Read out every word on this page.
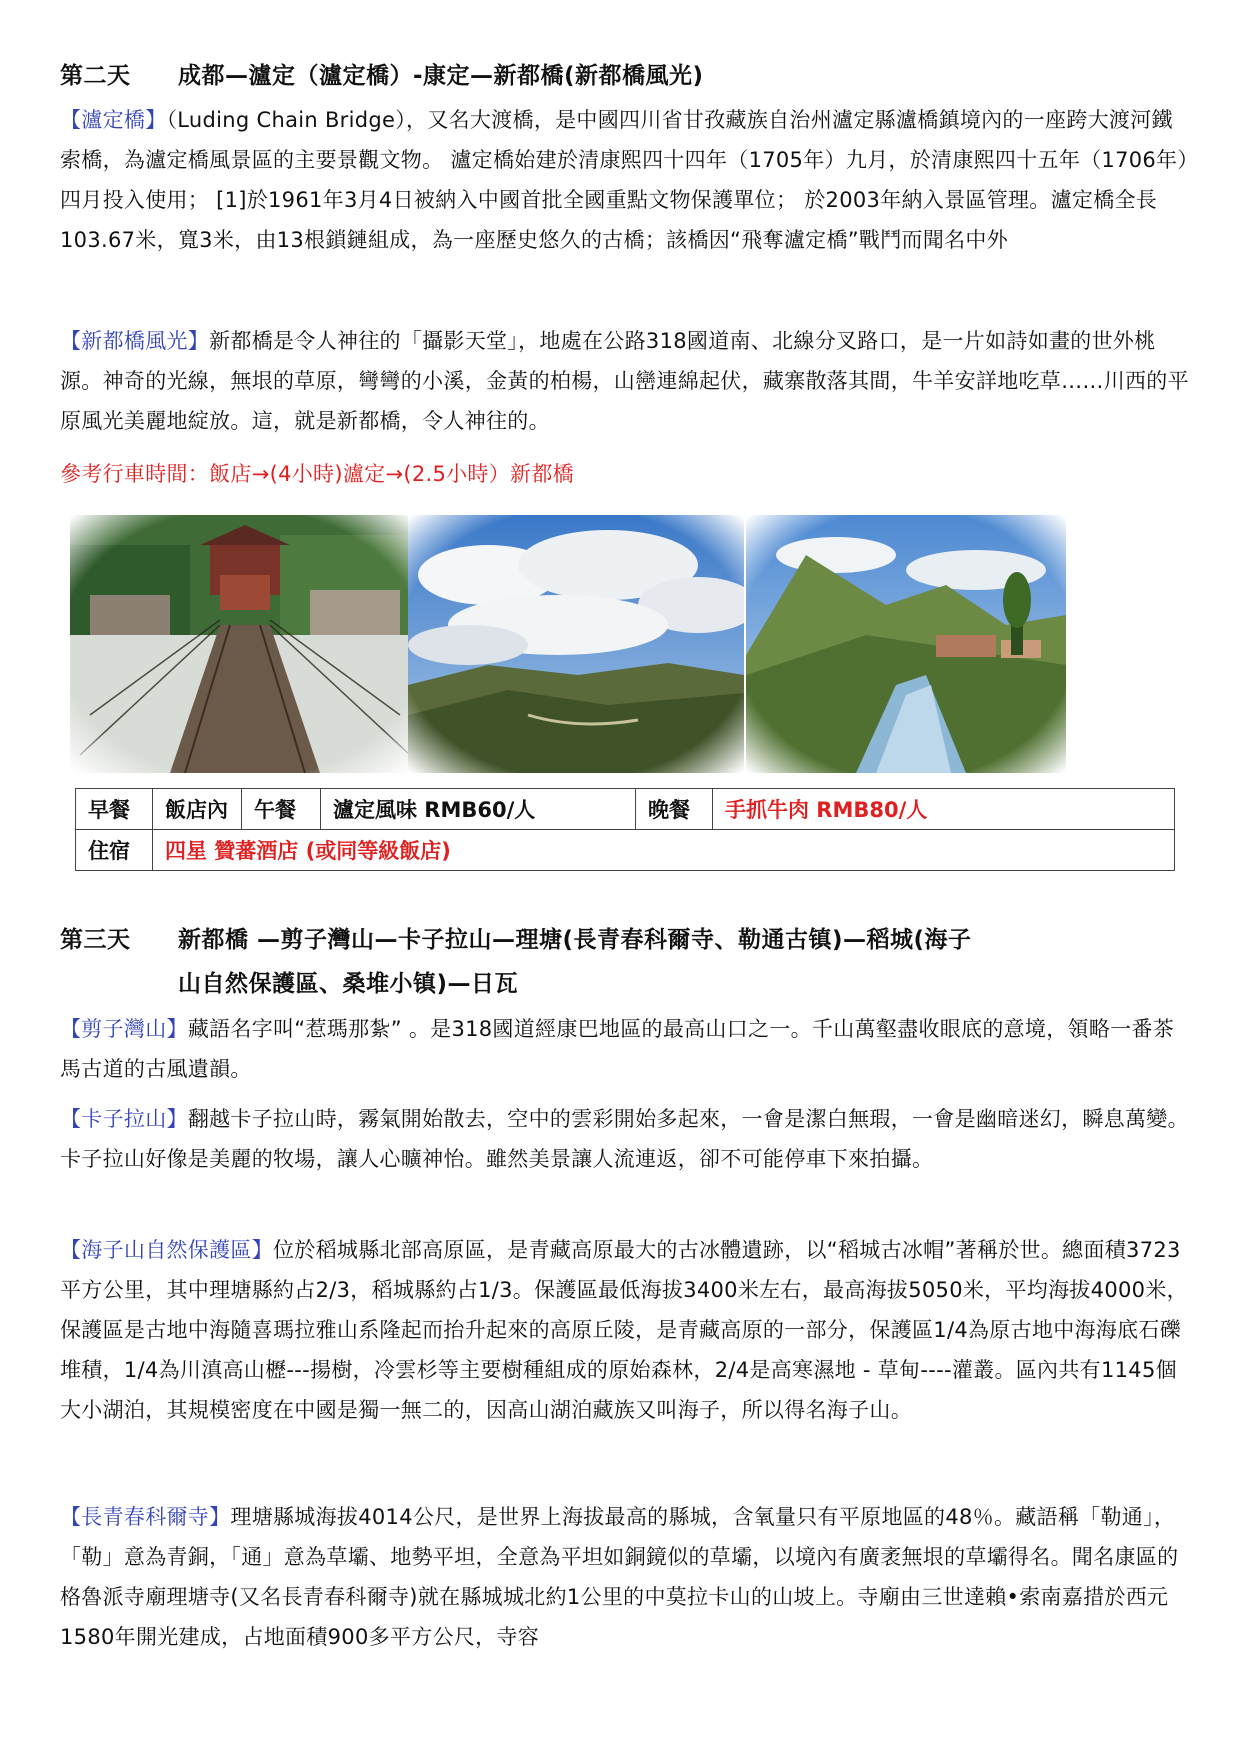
第二天 成都—瀘定（瀘定橋）-康定—新都橋(新都橋風光)
【瀘定橋】（Luding Chain Bridge），又名大渡橋，是中國四川省甘孜藏族自治州瀘定縣瀘橋鎮境內的一座跨大渡河鐵索橋，為瀘定橋風景區的主要景觀文物。 瀘定橋始建於清康熙四十四年（1705年）九月，於清康熙四十五年（1706年）四月投入使用； [1]於1961年3月4日被納入中國首批全國重點文物保護單位； 於2003年納入景區管理。瀘定橋全長103.67米，寬3米，由13根鎖鏈組成，為一座歷史悠久的古橋；該橋因“飛奪瀘定橋”戰鬥而聞名中外
【新都橋風光】新都橋是令人神往的「攝影天堂」，地處在公路318國道南、北線分叉路口，是一片如詩如畫的世外桃源。神奇的光線，無垠的草原，彎彎的小溪，金黃的柏楊，山巒連綿起伏，藏寨散落其間，牛羊安詳地吃草……川西的平原風光美麗地綻放。這，就是新都橋，令人神往的。
參考行車時間：飯店→(4小時)瀘定→(2.5小時）新都橋
早餐	飯店內	午餐	瀘定風味 RMB60/人	晚餐	手抓牛肉 RMB80/人
住宿	四星 贊蕃酒店 (或同等級飯店)				
第三天 新都橋 —剪子灣山—卡子拉山—理塘(長青春科爾寺、勒通古镇)—稻城(海子
山自然保護區、桑堆小镇)—日瓦
【剪子灣山】藏語名字叫“惹瑪那紮” 。是318國道經康巴地區的最高山口之一。千山萬壑盡收眼底的意境，領略一番茶馬古道的古風遺韻。
【卡子拉山】翻越卡子拉山時，霧氣開始散去，空中的雲彩開始多起來，一會是潔白無瑕，一會是幽暗迷幻，瞬息萬變。卡子拉山好像是美麗的牧場，讓人心曠神怡。雖然美景讓人流連返，卻不可能停車下來拍攝。
【海子山自然保護區】位於稻城縣北部高原區，是青藏高原最大的古冰體遺跡，以“稻城古冰帽”著稱於世。總面積3723平方公里，其中理塘縣約占2/3，稻城縣約占1/3。保護區最低海拔3400米左右，最高海拔5050米，平均海拔4000米，保護區是古地中海隨喜瑪拉雅山系隆起而抬升起來的高原丘陵，是青藏高原的一部分，保護區1/4為原古地中海海底石礫堆積，1/4為川滇高山櫪---揚樹，冷雲杉等主要樹種組成的原始森林，2/4是高寒濕地 - 草甸----灌叢。區內共有1145個大小湖泊，其規模密度在中國是獨一無二的，因高山湖泊藏族又叫海子，所以得名海子山。
【長青春科爾寺】理塘縣城海拔4014公尺，是世界上海拔最高的縣城，含氧量只有平原地區的48％。藏語稱「勒通」，「勒」意為青銅，「通」意為草壩、地勢平坦，全意為平坦如銅鏡似的草壩，以境內有廣袤無垠的草壩得名。聞名康區的格魯派寺廟理塘寺(又名長青春科爾寺)就在縣城城北約1公里的中莫拉卡山的山坡上。寺廟由三世達賴•索南嘉措於西元1580年開光建成，占地面積900多平方公尺，寺容
